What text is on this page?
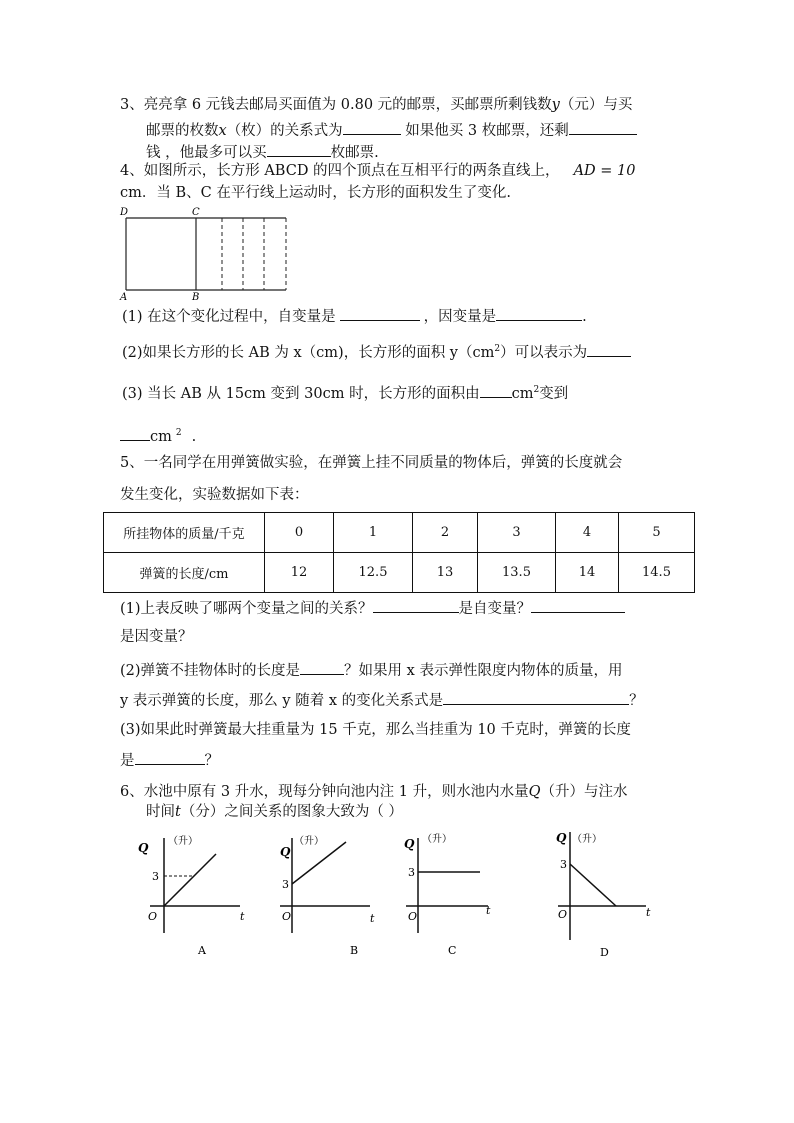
3、亮亮拿 6 元钱去邮局买面值为 0.80 元的邮票，买邮票所剩钱数y（元）与买
邮票的枚数x（枚）的关系式为	如果他买 3 枚邮票，还剩
钱 ，他最多可以买	枚邮票.
4、如图所示，长方形 ABCD 的四个顶点在互相平行的两条直线上， AD = 10
cm．当 B、C 在平行线上运动时，长方形的面积发生了变化.
D	C
A	B
(1) 在这个变化过程中，自变量是	，因变量是	.
(2)如果长方形的长 AB 为 x（cm)，长方形的面积 $y(cm^2)$可以表示为
(3) 当长 AB 从 15cm 变到 30cm 时，长方形的面积由 $cm^2$变到
cm $^2$ .
5、一名同学在用弹簧做实验，在弹簧上挂不同质量的物体后，弹簧的长度就会
发生变化，实验数据如下表：
所挂物体的质量/千克	0	1	2	3	4	5
弹簧的长度/cm	12	12.5	13	13.5	14	14.5
(1)上表反映了哪两个变量之间的关系？	是自变量？
是因变量？
(2)弹簧不挂物体时的长度是	？如果用 x 表示弹性限度内物体的质量，用
y 表示弹簧的长度，那么 y 随着 x 的变化关系式是	？
(3)如果此时弹簧最大挂重量为 15 千克，那么当挂重为 10 千克时，弹簧的长度
是	？
6、水池中原有 3 升水，现每分钟向池内注 1 升，则水池内水量Q（升）与注水
时间t（分）之间关系的图象大致为（ ）
Q （升）
3
O	t
A
Q
（升）
3
O	t
B
Q （升）
3
O	t
C
Q （升）
3
O	t
D
